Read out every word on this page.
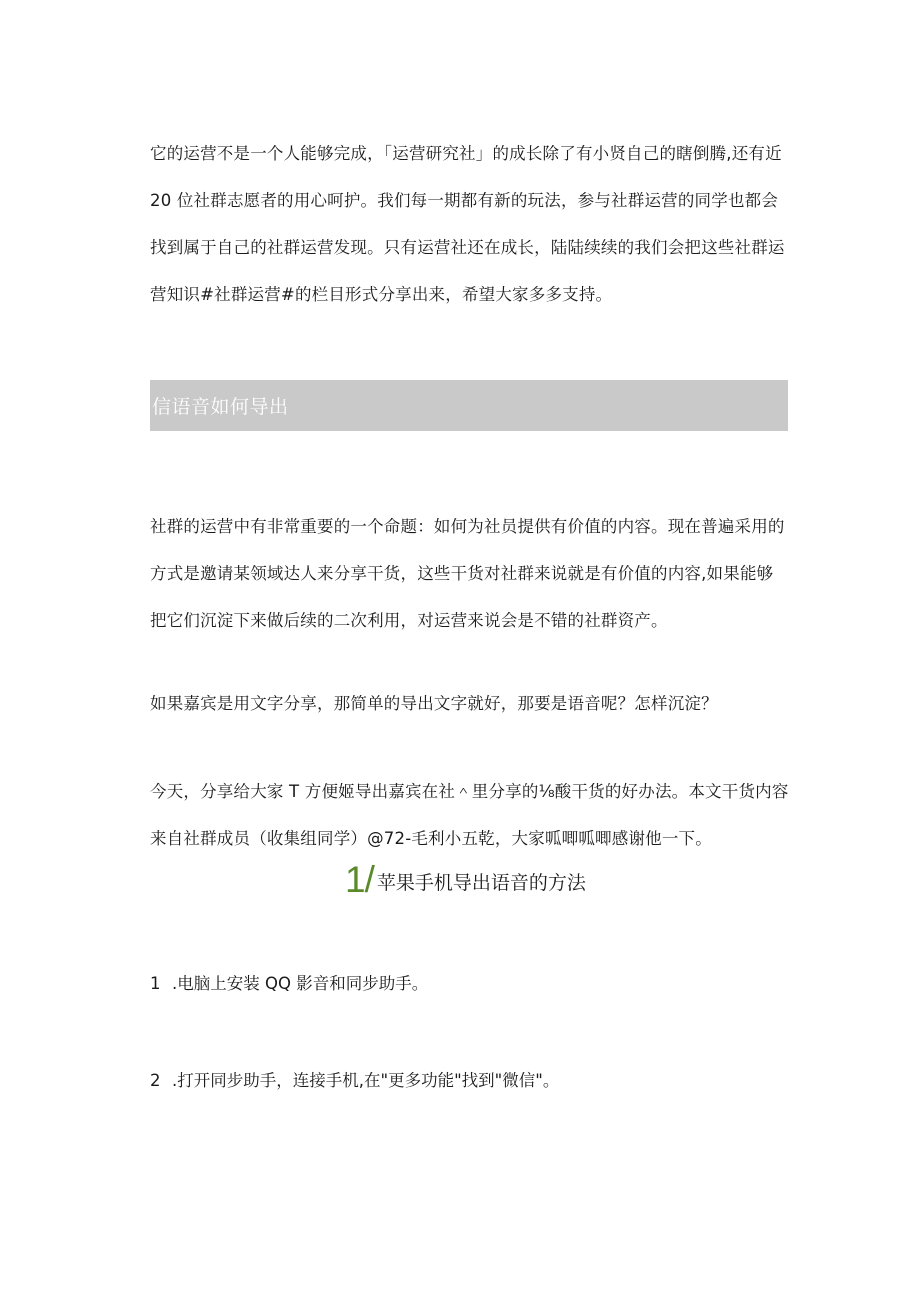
它的运营不是一个人能够完成，「运营研究社」的成长除了有小贤自己的瞎倒腾,还有近 20 位社群志愿者的用心呵护。我们每一期都有新的玩法，参与社群运营的同学也都会找到属于自己的社群运营发现。只有运营社还在成长，陆陆续续的我们会把这些社群运营知识#社群运营#的栏目形式分享出来，希望大家多多支持。

信语音如何导出

社群的运营中有非常重要的一个命题：如何为社员提供有价值的内容。现在普遍采用的方式是邀请某领域达人来分享干货，这些干货对社群来说就是有价值的内容,如果能够把它们沉淀下来做后续的二次利用，对运营来说会是不错的社群资产。

如果嘉宾是用文字分享，那简单的导出文字就好，那要是语音呢？怎样沉淀？

今天，分享给大家 T 方便姬导出嘉宾在社＾里分享的⅛酸干货的好办法。本文干货内容来自社群成员（收集组同学）@72-毛利小五乾，大家呱唧呱唧感谢他一下。

1/ 苹果手机导出语音的方法
1 .电脑上安装 QQ 影音和同步助手。
2 .打开同步助手，连接手机,在"更多功能"找到"微信"。
